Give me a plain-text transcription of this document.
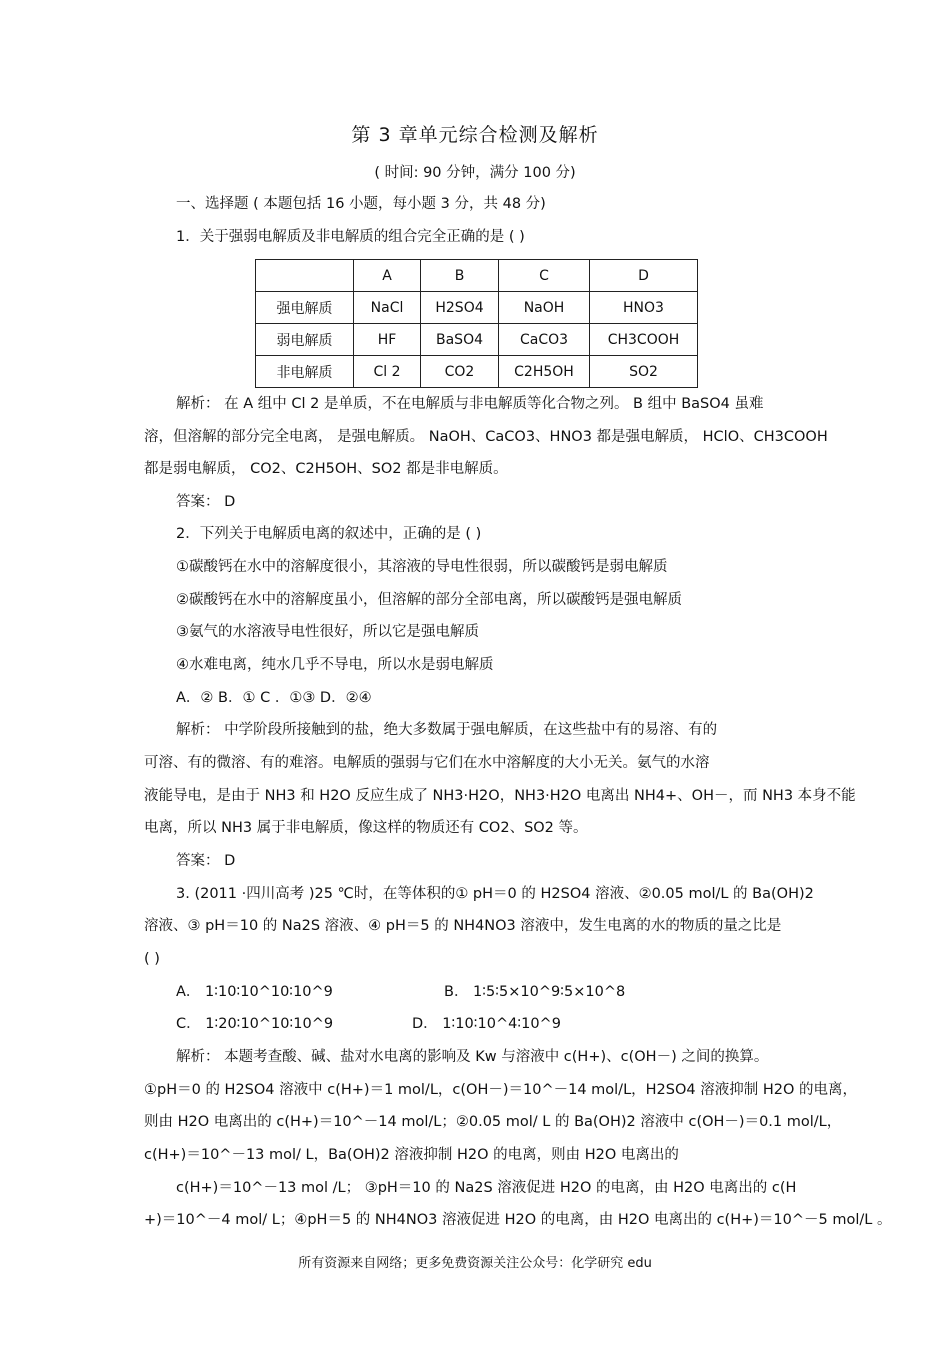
第 3 章单元综合检测及解析
( 时间: 90 分钟，满分 100 分)
一、选择题 ( 本题包括 16 小题，每小题 3 分，共 48 分)
1．关于强弱电解质及非电解质的组合完全正确的是 ( )
	A	B	C	D
强电解质	NaCl	H2SO4	NaOH	HNO3
弱电解质	HF	BaSO4	CaCO3	CH3COOH
非电解质	Cl 2	CO2	C2H5OH	SO2
解析： 在 A 组中 Cl 2 是单质，不在电解质与非电解质等化合物之列。 B 组中 BaSO4 虽难
溶，但溶解的部分完全电离， 是强电解质。 NaOH、CaCO3、HNO3 都是强电解质， HClO、CH3COOH
都是弱电解质， CO2、C2H5OH、SO2 都是非电解质。
答案： D
2．下列关于电解质电离的叙述中，正确的是 ( )
①碳酸钙在水中的溶解度很小，其溶液的导电性很弱，所以碳酸钙是弱电解质
②碳酸钙在水中的溶解度虽小，但溶解的部分全部电离，所以碳酸钙是强电解质
③氨气的水溶液导电性很好，所以它是强电解质
④水难电离，纯水几乎不导电，所以水是弱电解质
A．② B．① C ．①③ D．②④
解析： 中学阶段所接触到的盐，绝大多数属于强电解质，在这些盐中有的易溶、有的
可溶、有的微溶、有的难溶。电解质的强弱与它们在水中溶解度的大小无关。氨气的水溶
液能导电，是由于 NH3 和 H2O 反应生成了 NH3·H2O，NH3·H2O 电离出 NH4+、OH－，而 NH3 本身不能
电离，所以 NH3 属于非电解质，像这样的物质还有 CO2、SO2 等。
答案： D
3. (2011 ·四川高考 )25 ℃时，在等体积的① pH＝0 的 H2SO4 溶液、②0.05 mol/L 的 Ba(OH)2
溶液、③ pH＝10 的 Na2S 溶液、④ pH＝5 的 NH4NO3 溶液中，发生电离的水的物质的量之比是
( )
A． 1∶10∶10^10∶10^9	B． 1∶5∶5×10^9∶5×10^8
C． 1∶20∶10^10∶10^9	D． 1∶10∶10^4∶10^9
解析： 本题考查酸、碱、盐对水电离的影响及 Kw 与溶液中 c(H+)、c(OH－) 之间的换算。
①pH＝0 的 H2SO4 溶液中 c(H+)＝1 mol/L，c(OH－)＝10^－14 mol/L，H2SO4 溶液抑制 H2O 的电离，
则由 H2O 电离出的 c(H+)＝10^－14 mol/L；②0.05 mol/ L 的 Ba(OH)2 溶液中 c(OH－)＝0.1 mol/L，
c(H+)＝10^－13 mol/ L，Ba(OH)2 溶液抑制 H2O 的电离，则由 H2O 电离出的
c(H+)＝10^－13 mol /L； ③pH＝10 的 Na2S 溶液促进 H2O 的电离，由 H2O 电离出的 c(H
+)＝10^－4 mol/ L；④pH＝5 的 NH4NO3 溶液促进 H2O 的电离，由 H2O 电离出的 c(H+)＝10^－5 mol/L 。
所有资源来自网络；更多免费资源关注公众号：化学研究 edu
